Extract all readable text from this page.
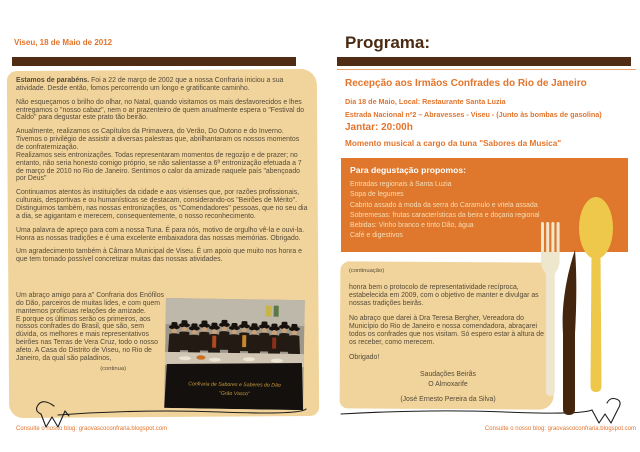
Viseu, 18 de Maio de 2012
Estamos de parabéns. Foi a 22 de março de 2002 que a nossa Confraria iniciou a sua atividade. Desde então, fomos percorrendo um longo e gratificante caminho.
Não esqueçamos o brilho do olhar, no Natal, quando visitamos os mais desfavorecidos e lhes entregamos o "nosso cabaz", nem o ar prazenteiro de quem anualmente espera o "Festival do Caldo" para degustar este prato tão beirão.
Anualmente, realizamos os Capítulos da Primavera, do Verão, Do Outono e do Inverno. Tivemos o privilégio de assistir a diversas palestras que, abrilhantaram os nossos momentos de confraternização.
Realizamos seis entronizações. Todas representaram momentos de regozijo e de prazer; no entanto, não seria honesto comigo próprio, se não salientasse a 6ª entronização efetuada a 7 de março de 2010 no Rio de Janeiro. Sentimos o calor da amizade naquele país "abençoado por Deus"
Continuamos atentos às instituições da cidade e aos visienses que, por razões profissionais, culturais, desportivas e ou humanísticas se destacam, considerando-os "Beirões de Mérito".
Distinguimos também, nas nossas entronizações, os "Comendadores" pessoas, que no seu dia a dia, se agigantam e merecem, consequentemente, o nosso reconhecimento.
Uma palavra de apreço para com a nossa Tuna. É para nós, motivo de orgulho vê-la e ouvi-la. Honra as nossas tradições e é uma excelente embaixadora das nossas memórias. Obrigado.
Um agradecimento também à Câmara Municipal de Viseu. É um apoio que muito nos honra e que tem tomado possível concretizar muitas das nossas atividades.
Um abraço amigo para a" Confraria dos Enófilos do Dão, parceiros de muitas lides, e com quem mantemos profícuas relações de amizade.
E porque os últimos serão os primeiros, aos nossos confrades do Brasil, que são, sem dúvida, os melhores e mais representativos beirões nas Terras de Vera Cruz, todo o nosso afeto. A Casa do Distrito de Viseu, no Rio de Janeiro, da qual são paladinos,
(continua)
Confraria de Sabores e Saberes do Dão
"Grão Vasco"
Consulte o nosso blog: graovascoconfraria.blogspot.com
Programa:
Recepção aos Irmãos Confrades do Rio de Janeiro
Dia 18 de Maio, Local: Restaurante Santa Luzia
Estrada Nacional nº2 – Abravesses - Viseu - (Junto às bombas de gasolina)
Jantar: 20:00h
Momento musical a cargo da tuna "Sabores da Musica"
Para degustação propomos:
Entradas regionais à Santa Luzia
Sopa de legumes
Cabrito assado à moda da serra do Caramulo e vitela assada
Sobremesas: frutas características da beira e doçaria regional
Bebidas: Vinho branco e tinto Dão, água
Café e digestivos
(continuação)
honra bem o protocolo de representatividade recíproca, estabelecida em 2009, com o objetivo de manter e divulgar as nossas tradições beirãs.
No abraço que darei à Dra Teresa Bergher, Vereadora do Município do Rio de Janeiro e nossa comendadora, abraçarei todos os confrades que nos visitam. Só espero estar à altura de os receber, como merecem.
Obrigado!
Saudações Beirãs
O Almoxarife
(José Ernesto Pereira da Silva)
Consulte o nosso blog: graovascoconfraria.blogspot.com
